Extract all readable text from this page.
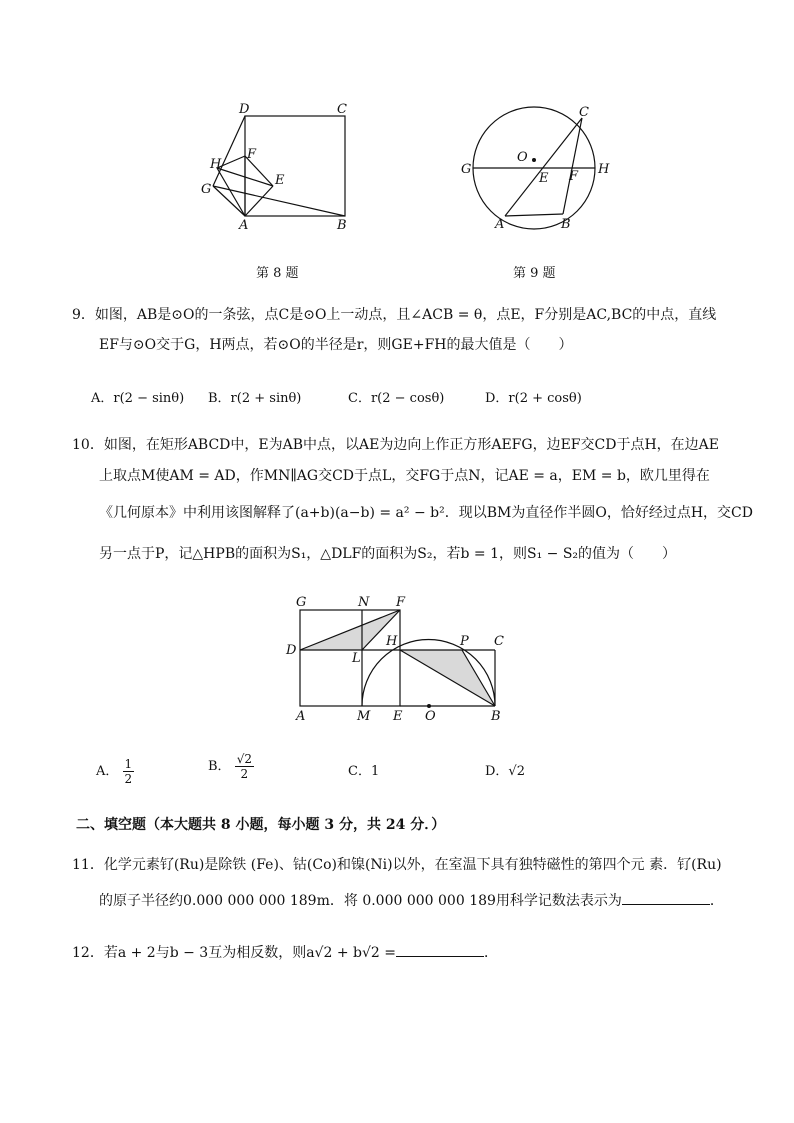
D	C
H
F
G
E
A	B
第 8 题
C
O
G
E F H
A	B
第 9 题
9．如图，AB是⊙O的一条弦，点C是⊙O上一动点，且∠ACB = θ，点E，F分别是AC,BC的中点，直线
EF与⊙O交于G，H两点，若⊙O的半径是r，则GE+FH的最大值是（　　）
A．r(2 − sinθ) B．r(2 + sinθ)	C．r(2 − cosθ)	D．r(2 + cosθ)
10．如图，在矩形ABCD中，E为AB中点，以AE为边向上作正方形AEFG，边EF交CD于点H，在边AE
上取点M使AM = AD，作MN∥AG交CD于点L，交FG于点N，记AE = a，EM = b，欧几里得在
《几何原本》中利用该图解释了(a+b)(a−b) = a² − b²．现以BM为直径作半圆O，恰好经过点H，交CD
另一点于P，记△HPB的面积为S₁，△DLF的面积为S₂，若b = 1，则S₁ − S₂的值为（　　）
G	N F
D
H	P C
L
A	M E O	B
A． $\frac{1}{2}$	B． $\frac{√2}{2}$	C．1	D．√2
二、填空题（本大题共 8 小题，每小题 3 分，共 24 分．）
11．化学元素钌(Ru)是除铁 (Fe)、钴(Co)和镍(Ni)以外，在室温下具有独特磁性的第四个元 素．钌(Ru)
的原子半径约0.000 000 000 189m．将 0.000 000 000 189用科学记数法表示为	．
12．若a + 2与b − 3互为相反数，则a√2 + b√2 =	．
